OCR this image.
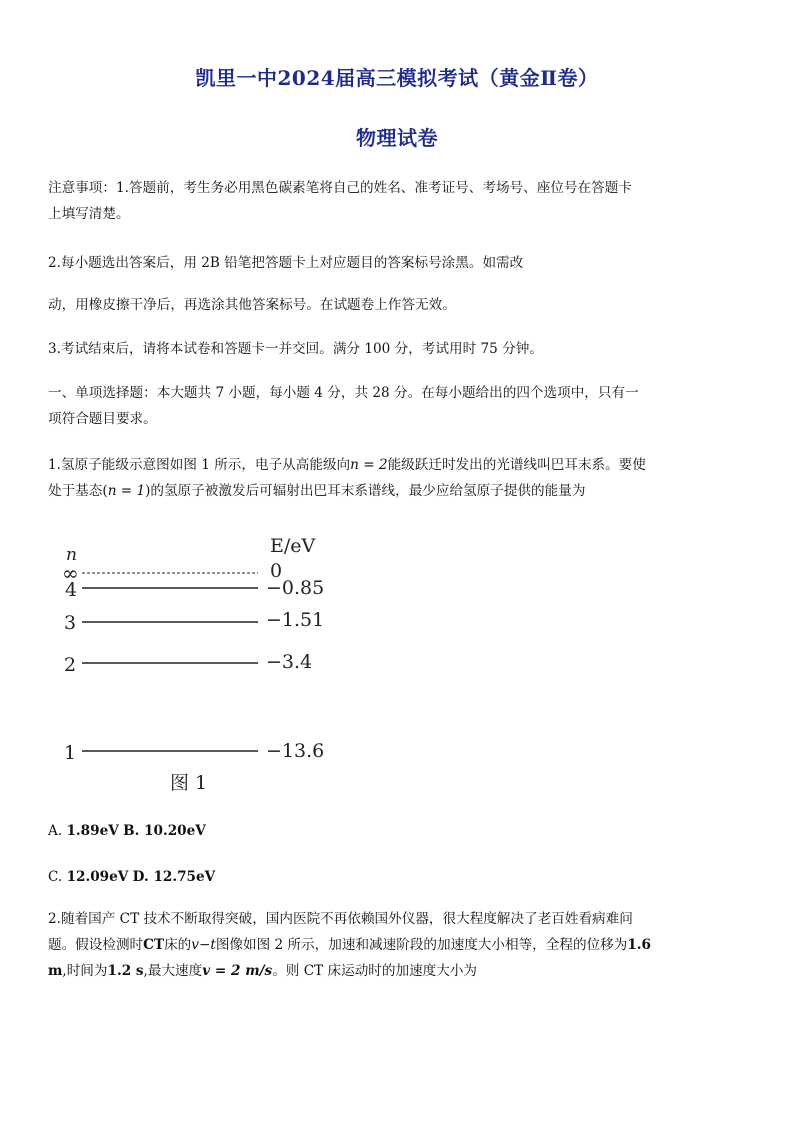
凯里一中2024届高三模拟考试（黄金Ⅱ卷）
物理试卷
注意事项：1.答题前，考生务必用黑色碳素笔将自己的姓名、准考证号、考场号、座位号在答题卡
上填写清楚。
2.每小题选出答案后，用 2B 铅笔把答题卡上对应题目的答案标号涂黑。如需改
动，用橡皮擦干净后，再选涂其他答案标号。在试题卷上作答无效。
3.考试结束后，请将本试卷和答题卡一并交回。满分 100 分，考试用时 75 分钟。
一、单项选择题：本大题共 7 小题，每小题 4 分，共 28 分。在每小题给出的四个选项中，只有一
项符合题目要求。
1.氢原子能级示意图如图 1 所示，电子从高能级向n = 2能级跃迁时发出的光谱线叫巴耳末系。要使
处于基态(n = 1)的氢原子被激发后可辐射出巴耳末系谱线，最少应给氢原子提供的能量为
n	E/eV
∞	0
4	−0.85
3	−1.51
2	−3.4
1	−13.6
图 1
A. 1.89eV B. 10.20eV
C. 12.09eV D. 12.75eV
2.随着国产 CT 技术不断取得突破，国内医院不再依赖国外仪器，很大程度解决了老百姓看病难问
题。假设检测时CT床的v−t图像如图 2 所示，加速和减速阶段的加速度大小相等，全程的位移为1.6
m,时间为1.2 s,最大速度v = 2 m/s。则 CT 床运动时的加速度大小为
